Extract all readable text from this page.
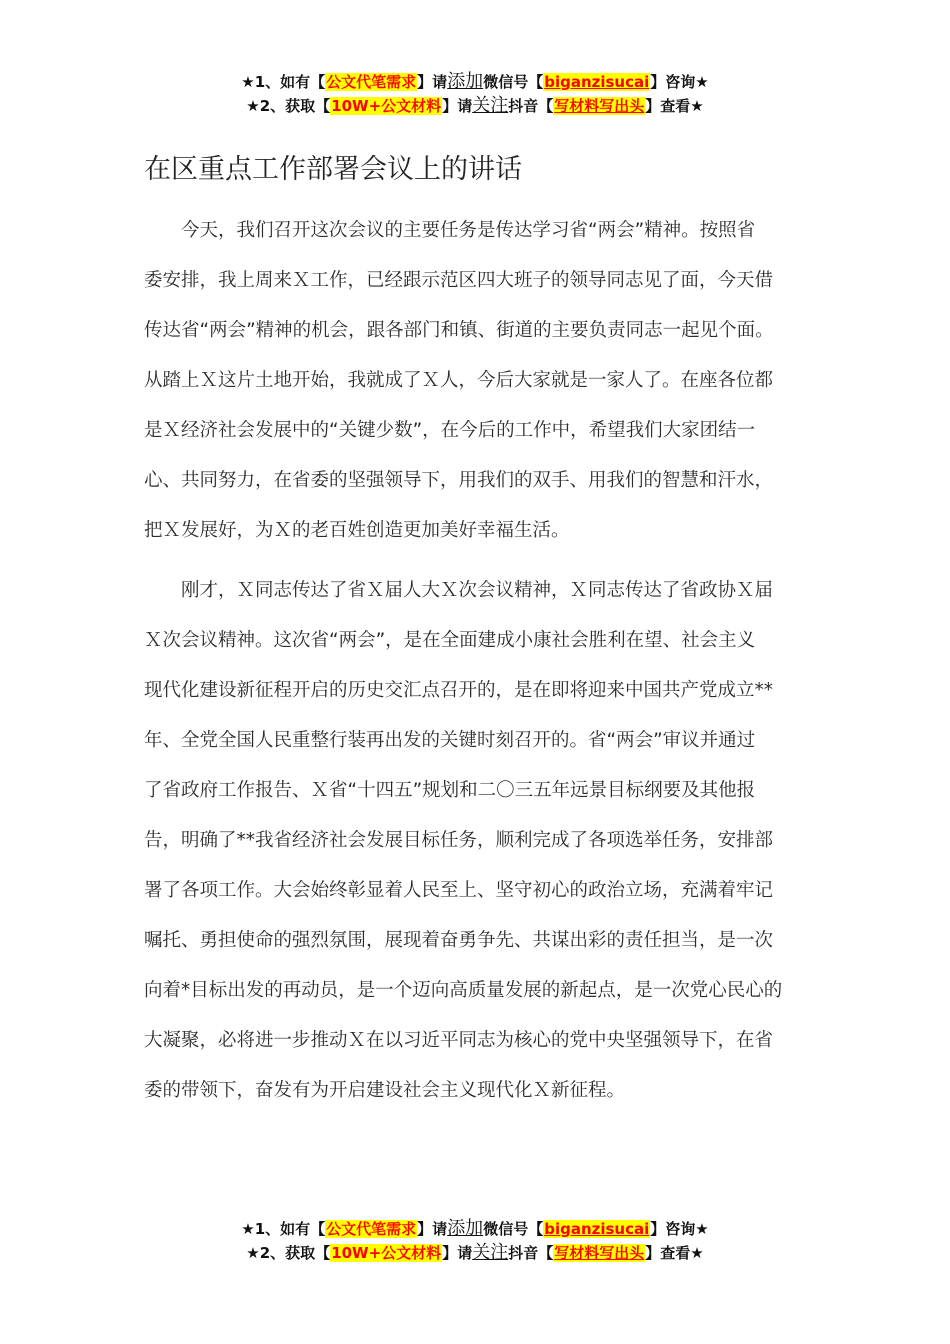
★1、如有【公文代笔需求】请添加微信号【biganzisucai】咨询★
★2、获取【10W+公文材料】请关注抖音【写材料写出头】查看★
在区重点工作部署会议上的讲话
　　今天，我们召开这次会议的主要任务是传达学习省“两会”精神。按照省
委安排，我上周来Ｘ工作，已经跟示范区四大班子的领导同志见了面，今天借
传达省“两会”精神的机会，跟各部门和镇、街道的主要负责同志一起见个面。
从踏上Ｘ这片土地开始，我就成了Ｘ人，今后大家就是一家人了。在座各位都
是Ｘ经济社会发展中的“关键少数”，在今后的工作中，希望我们大家团结一
心、共同努力，在省委的坚强领导下，用我们的双手、用我们的智慧和汗水，
把Ｘ发展好，为Ｘ的老百姓创造更加美好幸福生活。
　　刚才，Ｘ同志传达了省Ｘ届人大Ｘ次会议精神，Ｘ同志传达了省政协Ｘ届
Ｘ次会议精神。这次省“两会”，是在全面建成小康社会胜利在望、社会主义
现代化建设新征程开启的历史交汇点召开的，是在即将迎来中国共产党成立**
年、全党全国人民重整行装再出发的关键时刻召开的。省“两会”审议并通过
了省政府工作报告、Ｘ省“十四五”规划和二〇三五年远景目标纲要及其他报
告，明确了**我省经济社会发展目标任务，顺利完成了各项选举任务，安排部
署了各项工作。大会始终彰显着人民至上、坚守初心的政治立场，充满着牢记
嘱托、勇担使命的强烈氛围，展现着奋勇争先、共谋出彩的责任担当，是一次
向着*目标出发的再动员，是一个迈向高质量发展的新起点，是一次党心民心的
大凝聚，必将进一步推动Ｘ在以习近平同志为核心的党中央坚强领导下，在省
委的带领下，奋发有为开启建设社会主义现代化Ｘ新征程。
★1、如有【公文代笔需求】请添加微信号【biganzisucai】咨询★
★2、获取【10W+公文材料】请关注抖音【写材料写出头】查看★
